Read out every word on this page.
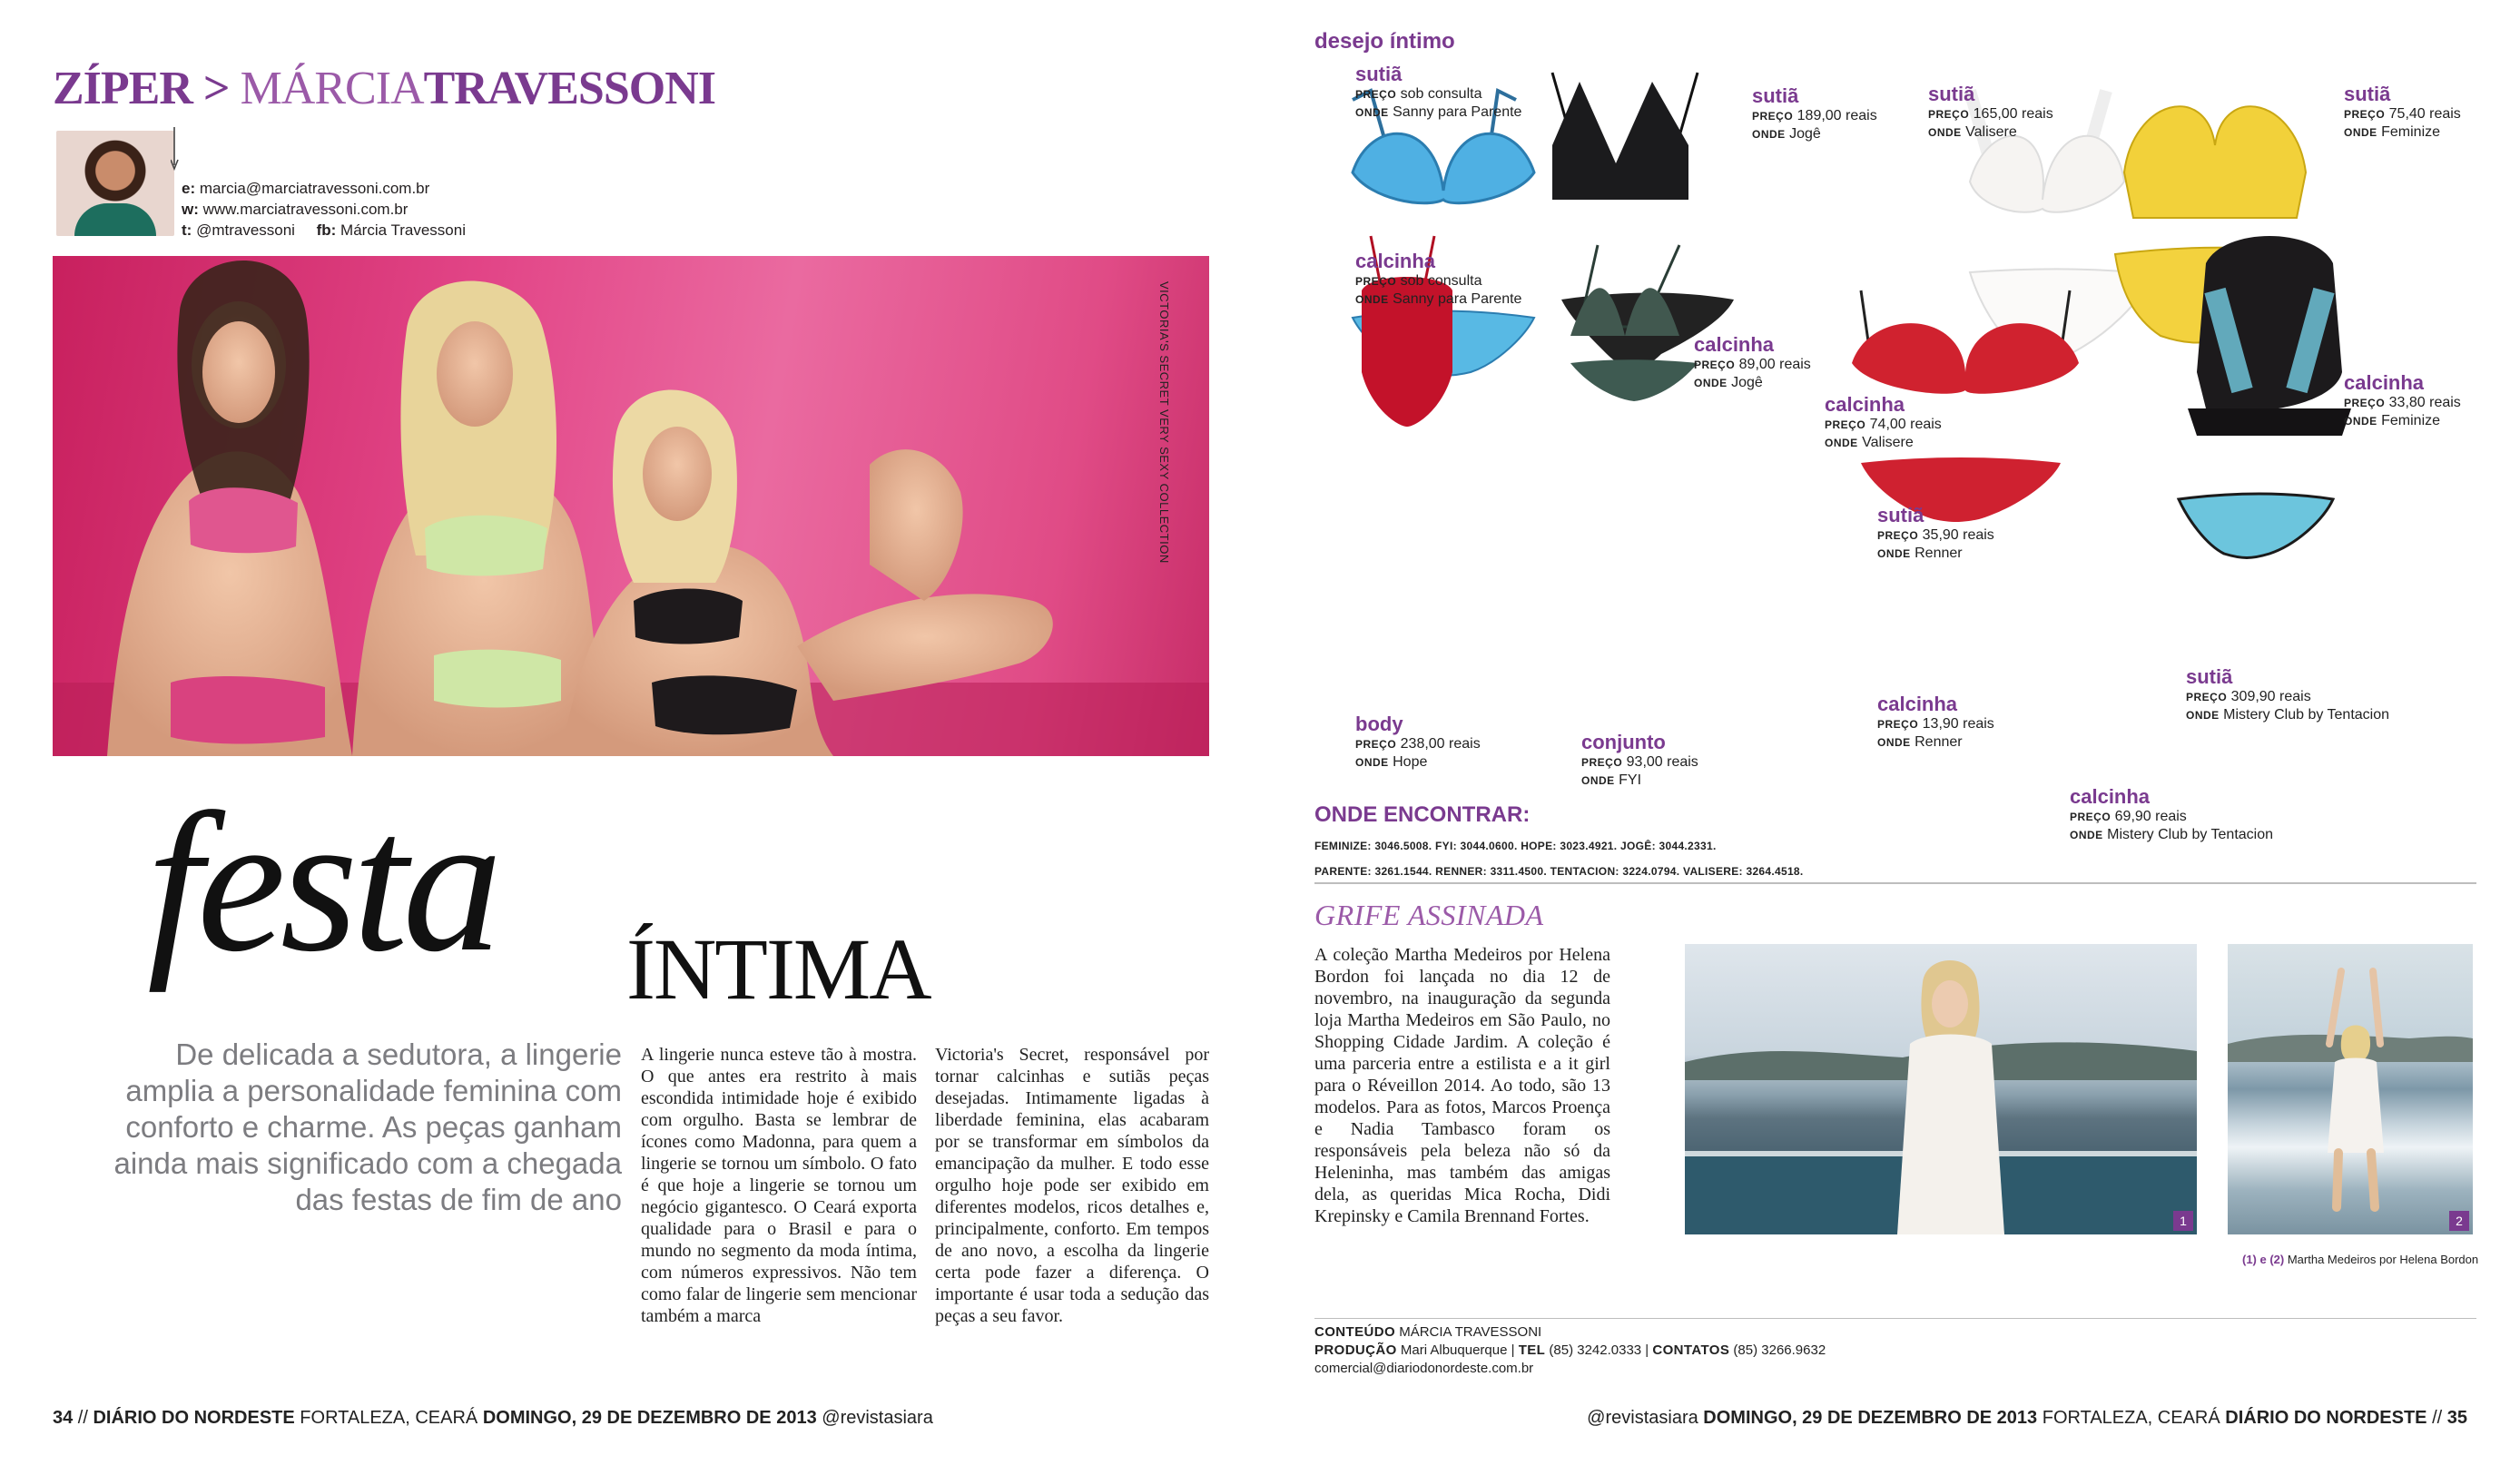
ZÍPER > MÁRCIATRAVESSONI
e: marcia@marciatravessoni.com.br
w: www.marciatravessoni.com.br
t: @mtravessoni fb: Márcia Travessoni
VICTORIA'S SECRET VERY SEXY COLLECTION
festa ÍNTIMA
De delicada a sedutora, a lingerie amplia a personalidade feminina com conforto e charme. As peças ganham ainda mais significado com a chegada das festas de fim de ano
A lingerie nunca esteve tão à mostra. O que antes era restrito à mais escondida intimidade hoje é exibido com orgulho. Basta se lembrar de ícones como Madonna, para quem a lingerie se tornou um símbolo. O fato é que hoje a lingerie se tornou um negócio gigantesco. O Ceará exporta qualidade para o Brasil e para o mundo no segmento da moda íntima, com números expressivos. Não tem como falar de lingerie sem mencionar também a marca
Victoria's Secret, responsável por tornar calcinhas e sutiãs peças desejadas. Intimamente ligadas à liberdade feminina, elas acabaram por se transformar em símbolos da emancipação da mulher. E todo esse orgulho hoje pode ser exibido em diferentes modelos, ricos detalhes e, principalmente, conforto. Em tempos de ano novo, a escolha da lingerie certa pode fazer a diferença. O importante é usar toda a sedução das peças a seu favor.
34 // DIÁRIO DO NORDESTE FORTALEZA, CEARÁ DOMINGO, 29 DE DEZEMBRO DE 2013 @revistasiara
desejo íntimo
sutiã
PREÇO sob consulta
ONDE Sanny para Parente
calcinha
PREÇO sob consulta
ONDE Sanny para Parente
sutiã
PREÇO 189,00 reais
ONDE Jogê
calcinha
PREÇO 89,00 reais
ONDE Jogê
sutiã
PREÇO 165,00 reais
ONDE Valisere
calcinha
PREÇO 74,00 reais
ONDE Valisere
sutiã
PREÇO 75,40 reais
ONDE Feminize
calcinha
PREÇO 33,80 reais
ONDE Feminize
body
PREÇO 238,00 reais
ONDE Hope
conjunto
PREÇO 93,00 reais
ONDE FYI
sutiã
PREÇO 35,90 reais
ONDE Renner
calcinha
PREÇO 13,90 reais
ONDE Renner
sutiã
PREÇO 309,90 reais
ONDE Mistery Club by Tentacion
calcinha
PREÇO 69,90 reais
ONDE Mistery Club by Tentacion
ONDE ENCONTRAR:
FEMINIZE: 3046.5008. FYI: 3044.0600. HOPE: 3023.4921. JOGÊ: 3044.2331.
PARENTE: 3261.1544. RENNER: 3311.4500. TENTACION: 3224.0794. VALISERE: 3264.4518.
GRIFE ASSINADA
A coleção Martha Medeiros por Helena Bordon foi lançada no dia 12 de novembro, na inauguração da segunda loja Martha Medeiros em São Paulo, no Shopping Cidade Jardim. A coleção é uma parceria entre a estilista e a it girl para o Réveillon 2014. Ao todo, são 13 modelos. Para as fotos, Marcos Proença e Nadia Tambasco foram os responsáveis pela beleza não só da Heleninha, mas também das amigas dela, as queridas Mica Rocha, Didi Krepinsky e Camila Brennand Fortes.	1	2
(1) e (2) Martha Medeiros por Helena Bordon
CONTEÚDO MÁRCIA TRAVESSONI
PRODUÇÃO Mari Albuquerque | TEL (85) 3242.0333 | CONTATOS (85) 3266.9632
comercial@diariodonordeste.com.br
@revistasiara DOMINGO, 29 DE DEZEMBRO DE 2013 FORTALEZA, CEARÁ DIÁRIO DO NORDESTE // 35
